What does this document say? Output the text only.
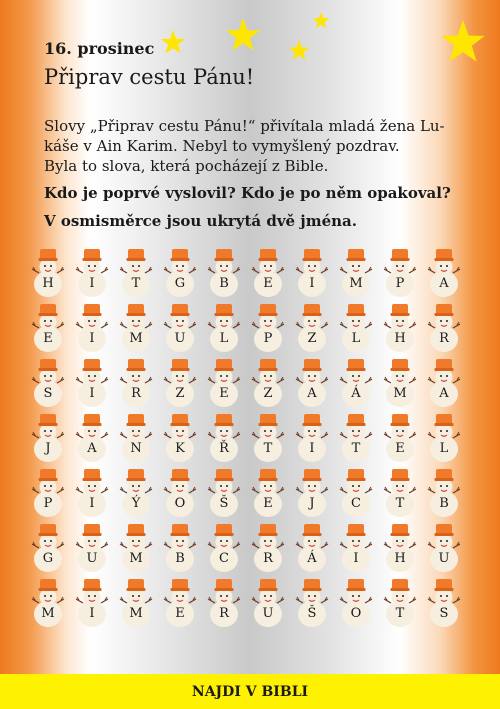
16. prosinec
Připrav cestu Pánu!
Slovy „Připrav cestu Pánu!“ přivítala mladá žena Lu-
káše v Ain Karim. Nebyl to vymyšlený pozdrav.
Byla to slova, která pocházejí z Bible.
Kdo je poprvé vyslovil? Kdo je po něm opakoval?
V osmisměrce jsou ukrytá dvě jména.
H	I	T	G	B	E	I	M	P	A
E	I	M	U	L	P	Z	L	H	R
S	I	R	Z	E	Z	A	Á	M	A
J	A	N	K	Ř	T	I	T	E	L
P	I	Ý	O	Š	E	J	C	T	B
G	U	M	B	C	R	Á	I	H	U
M	I	M	E	R	U	Š	O	T	S
NAJDI V BIBLI
